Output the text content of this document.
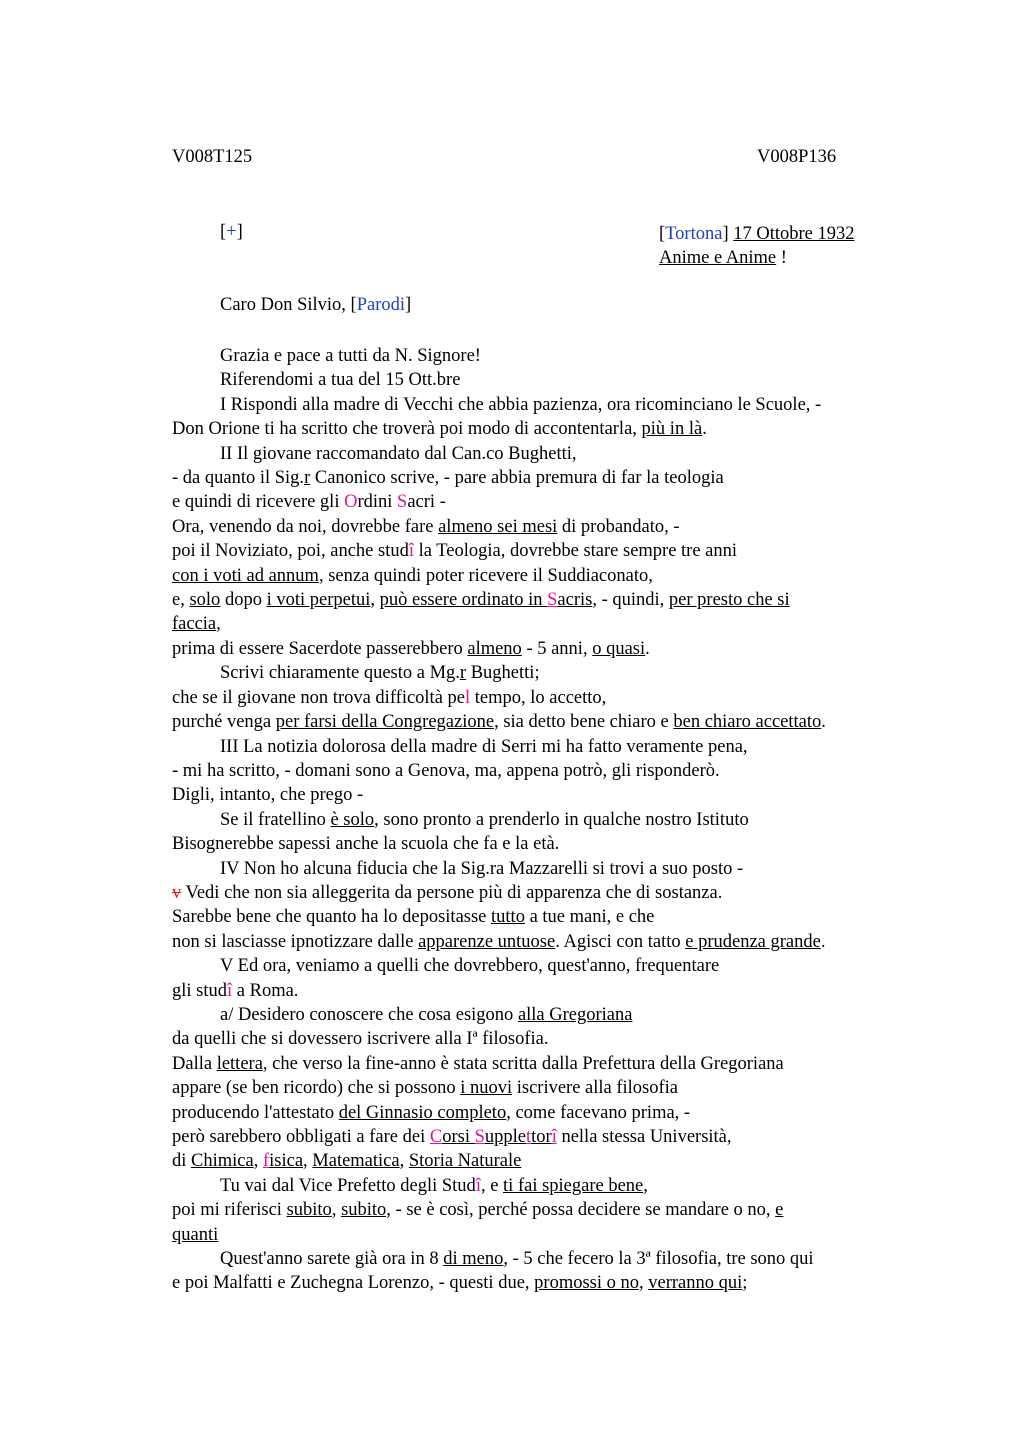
V008T125	V008P136
[+]	[Tortona] 17 Ottobre 1932
Anime e Anime !
Caro Don Silvio, [Parodi]
Grazia e pace a tutti da N. Signore!
Riferendomi a tua del 15 Ott.bre
I Rispondi alla madre di Vecchi che abbia pazienza, ora ricominciano le Scuole, -
Don Orione ti ha scritto che troverà poi modo di accontentarla, più in là.
II Il giovane raccomandato dal Can.co Bughetti,
- da quanto il Sig.r Canonico scrive, - pare abbia premura di far la teologia
e quindi di ricevere gli Ordini Sacri -
Ora, venendo da noi, dovrebbe fare almeno sei mesi di probandato, -
poi il Noviziato, poi, anche studî la Teologia, dovrebbe stare sempre tre anni
con i voti ad annum, senza quindi poter ricevere il Suddiaconato,
e, solo dopo i voti perpetui, può essere ordinato in Sacris, - quindi, per presto che si
faccia,
prima di essere Sacerdote passerebbero almeno - 5 anni, o quasi.
Scrivi chiaramente questo a Mg.r Bughetti;
che se il giovane non trova difficoltà pel tempo, lo accetto,
purché venga per farsi della Congregazione, sia detto bene chiaro e ben chiaro accettato.
III La notizia dolorosa della madre di Serri mi ha fatto veramente pena,
- mi ha scritto, - domani sono a Genova, ma, appena potrò, gli risponderò.
Digli, intanto, che prego -
Se il fratellino è solo, sono pronto a prenderlo in qualche nostro Istituto
Bisognerebbe sapessi anche la scuola che fa e la età.
IV Non ho alcuna fiducia che la Sig.ra Mazzarelli si trovi a suo posto -
v Vedi che non sia alleggerita da persone più di apparenza che di sostanza.
Sarebbe bene che quanto ha lo depositasse tutto a tue mani, e che
non si lasciasse ipnotizzare dalle apparenze untuose. Agisci con tatto e prudenza grande.
V Ed ora, veniamo a quelli che dovrebbero, quest'anno, frequentare
gli studî a Roma.
a/ Desidero conoscere che cosa esigono alla Gregoriana
da quelli che si dovessero iscrivere alla Iª filosofia.
Dalla lettera, che verso la fine-anno è stata scritta dalla Prefettura della Gregoriana
appare (se ben ricordo) che si possono i nuovi iscrivere alla filosofia
producendo l'attestato del Ginnasio completo, come facevano prima, -
però sarebbero obbligati a fare dei Corsi Supplettorî nella stessa Università,
di Chimica, fisica, Matematica, Storia Naturale
Tu vai dal Vice Prefetto degli Studî, e ti fai spiegare bene,
poi mi riferisci subito, subito, - se è così, perché possa decidere se mandare o no, e
quanti
Quest'anno sarete già ora in 8 di meno, - 5 che fecero la 3ª filosofia, tre sono qui
e poi Malfatti e Zuchegna Lorenzo, - questi due, promossi o no, verranno qui;
